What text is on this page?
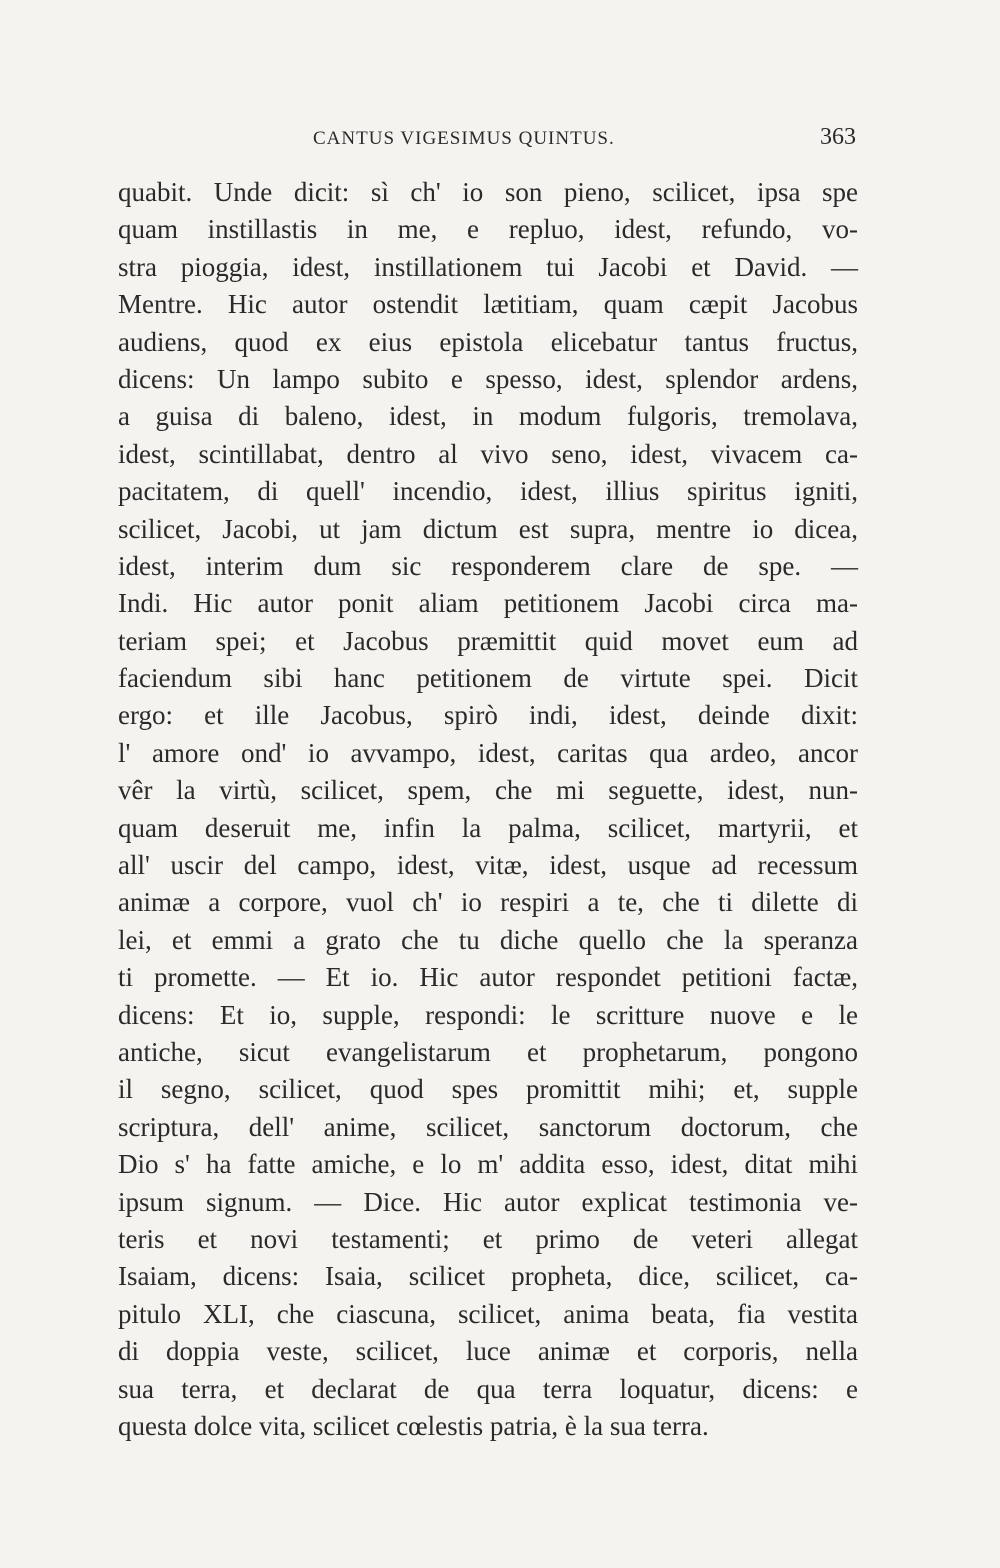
CANTUS VIGESIMUS QUINTUS.	363
quabit. Unde dicit: sì ch' io son pieno, scilicet, ipsa spe
quam instillastis in me, e repluo, idest, refundo, vo-
stra pioggia, idest, instillationem tui Jacobi et David. —
Mentre. Hic autor ostendit lætitiam, quam cæpit Jacobus
audiens, quod ex eius epistola elicebatur tantus fructus,
dicens: Un lampo subito e spesso, idest, splendor ardens,
a guisa di baleno, idest, in modum fulgoris, tremolava,
idest, scintillabat, dentro al vivo seno, idest, vivacem ca-
pacitatem, di quell' incendio, idest, illius spiritus igniti,
scilicet, Jacobi, ut jam dictum est supra, mentre io dicea,
idest, interim dum sic responderem clare de spe. —
Indi. Hic autor ponit aliam petitionem Jacobi circa ma-
teriam spei; et Jacobus præmittit quid movet eum ad
faciendum sibi hanc petitionem de virtute spei. Dicit
ergo: et ille Jacobus, spirò indi, idest, deinde dixit:
l' amore ond' io avvampo, idest, caritas qua ardeo, ancor
vêr la virtù, scilicet, spem, che mi seguette, idest, nun-
quam deseruit me, infin la palma, scilicet, martyrii, et
all' uscir del campo, idest, vitæ, idest, usque ad recessum
animæ a corpore, vuol ch' io respiri a te, che ti dilette di
lei, et emmi a grato che tu diche quello che la speranza
ti promette. — Et io. Hic autor respondet petitioni factæ,
dicens: Et io, supple, respondi: le scritture nuove e le
antiche, sicut evangelistarum et prophetarum, pongono
il segno, scilicet, quod spes promittit mihi; et, supple
scriptura, dell' anime, scilicet, sanctorum doctorum, che
Dio s' ha fatte amiche, e lo m' addita esso, idest, ditat mihi
ipsum signum. — Dice. Hic autor explicat testimonia ve-
teris et novi testamenti; et primo de veteri allegat
Isaiam, dicens: Isaia, scilicet propheta, dice, scilicet, ca-
pitulo XLI, che ciascuna, scilicet, anima beata, fia vestita
di doppia veste, scilicet, luce animæ et corporis, nella
sua terra, et declarat de qua terra loquatur, dicens: e
questa dolce vita, scilicet cœlestis patria, è la sua terra.
